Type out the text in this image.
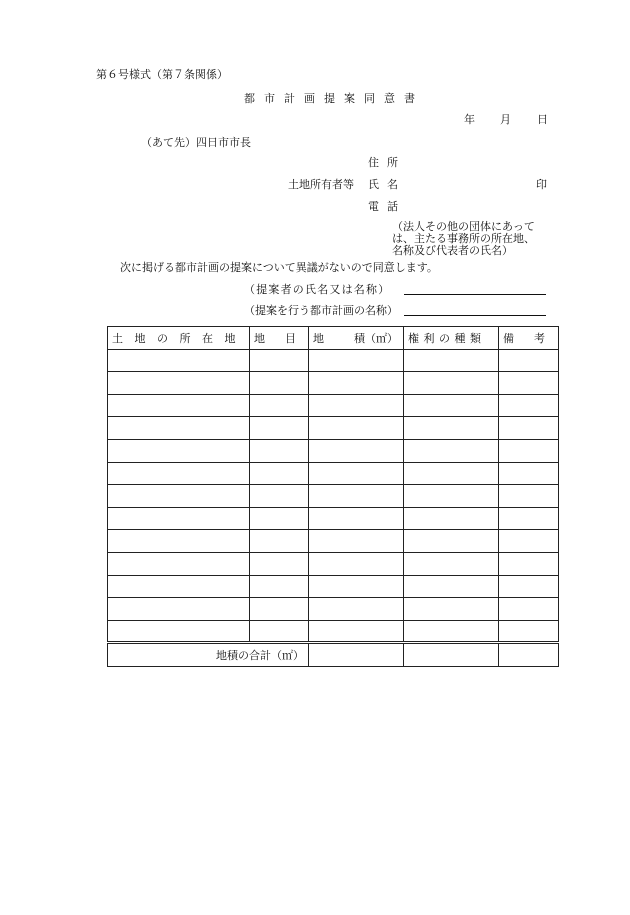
第６号様式（第７条関係）
都市計画提案同意書
年 月 日
（あて先）四日市市長
住所
土地所有者等 氏名	印
電話
（法人その他の団体にあって
は、主たる事務所の所在地、
名称及び代表者の氏名）
次に掲げる都市計画の提案について異議がないので同意します。
（提案者の氏名又は名称）
（提案を行う都市計画の名称）
土地の所在地	地目	地 積（㎡）	権利の種類	備考

地積の合計（㎡）				
